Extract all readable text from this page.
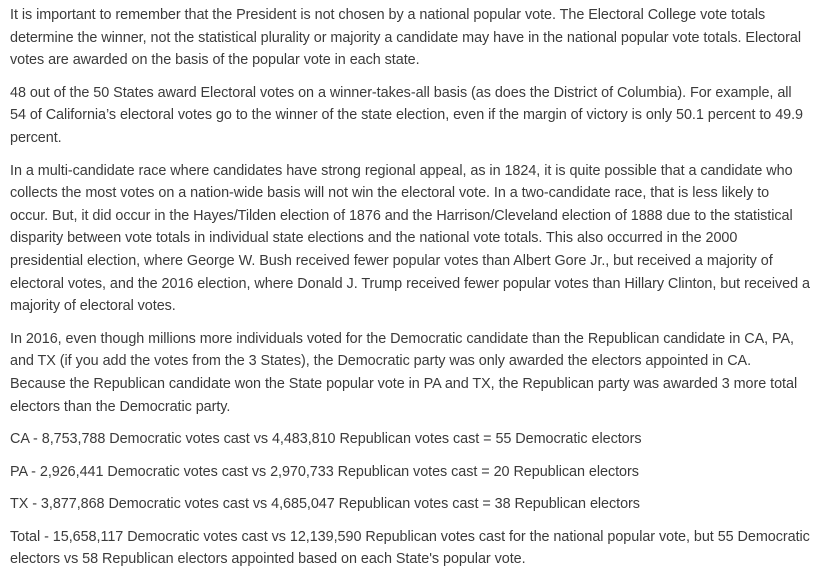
It is important to remember that the President is not chosen by a national popular vote. The Electoral College vote totals determine the winner, not the statistical plurality or majority a candidate may have in the national popular vote totals. Electoral votes are awarded on the basis of the popular vote in each state.

48 out of the 50 States award Electoral votes on a winner-takes-all basis (as does the District of Columbia). For example, all 54 of California’s electoral votes go to the winner of the state election, even if the margin of victory is only 50.1 percent to 49.9 percent.

In a multi-candidate race where candidates have strong regional appeal, as in 1824, it is quite possible that a candidate who collects the most votes on a nation-wide basis will not win the electoral vote. In a two-candidate race, that is less likely to occur. But, it did occur in the Hayes/Tilden election of 1876 and the Harrison/Cleveland election of 1888 due to the statistical disparity between vote totals in individual state elections and the national vote totals. This also occurred in the 2000 presidential election, where George W. Bush received fewer popular votes than Albert Gore Jr., but received a majority of electoral votes, and the 2016 election, where Donald J. Trump received fewer popular votes than Hillary Clinton, but received a majority of electoral votes.

In 2016, even though millions more individuals voted for the Democratic candidate than the Republican candidate in CA, PA, and TX (if you add the votes from the 3 States), the Democratic party was only awarded the electors appointed in CA. Because the Republican candidate won the State popular vote in PA and TX, the Republican party was awarded 3 more total electors than the Democratic party.

CA - 8,753,788 Democratic votes cast vs 4,483,810 Republican votes cast = 55 Democratic electors

PA - 2,926,441 Democratic votes cast vs 2,970,733 Republican votes cast = 20 Republican electors

TX - 3,877,868 Democratic votes cast vs 4,685,047 Republican votes cast = 38 Republican electors

Total - 15,658,117 Democratic votes cast vs 12,139,590 Republican votes cast for the national popular vote, but 55 Democratic electors vs 58 Republican electors appointed based on each State's popular vote.
